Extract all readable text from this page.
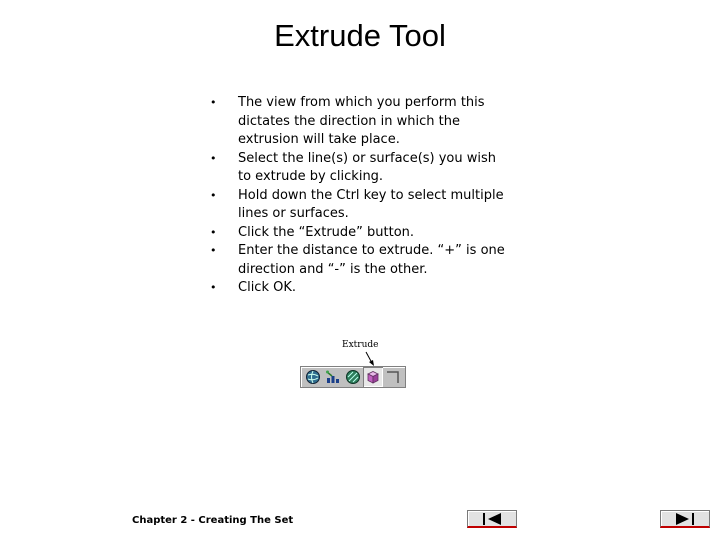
Extrude Tool
• The view from which you perform this dictates the direction in which the extrusion will take place.
• Select the line(s) or surface(s) you wish to extrude by clicking.
• Hold down the Ctrl key to select multiple lines or surfaces.
• Click the “Extrude” button.
• Enter the distance to extrude. “+” is one direction and “-” is the other.
• Click OK.
Extrude
Chapter 2 - Creating The Set
